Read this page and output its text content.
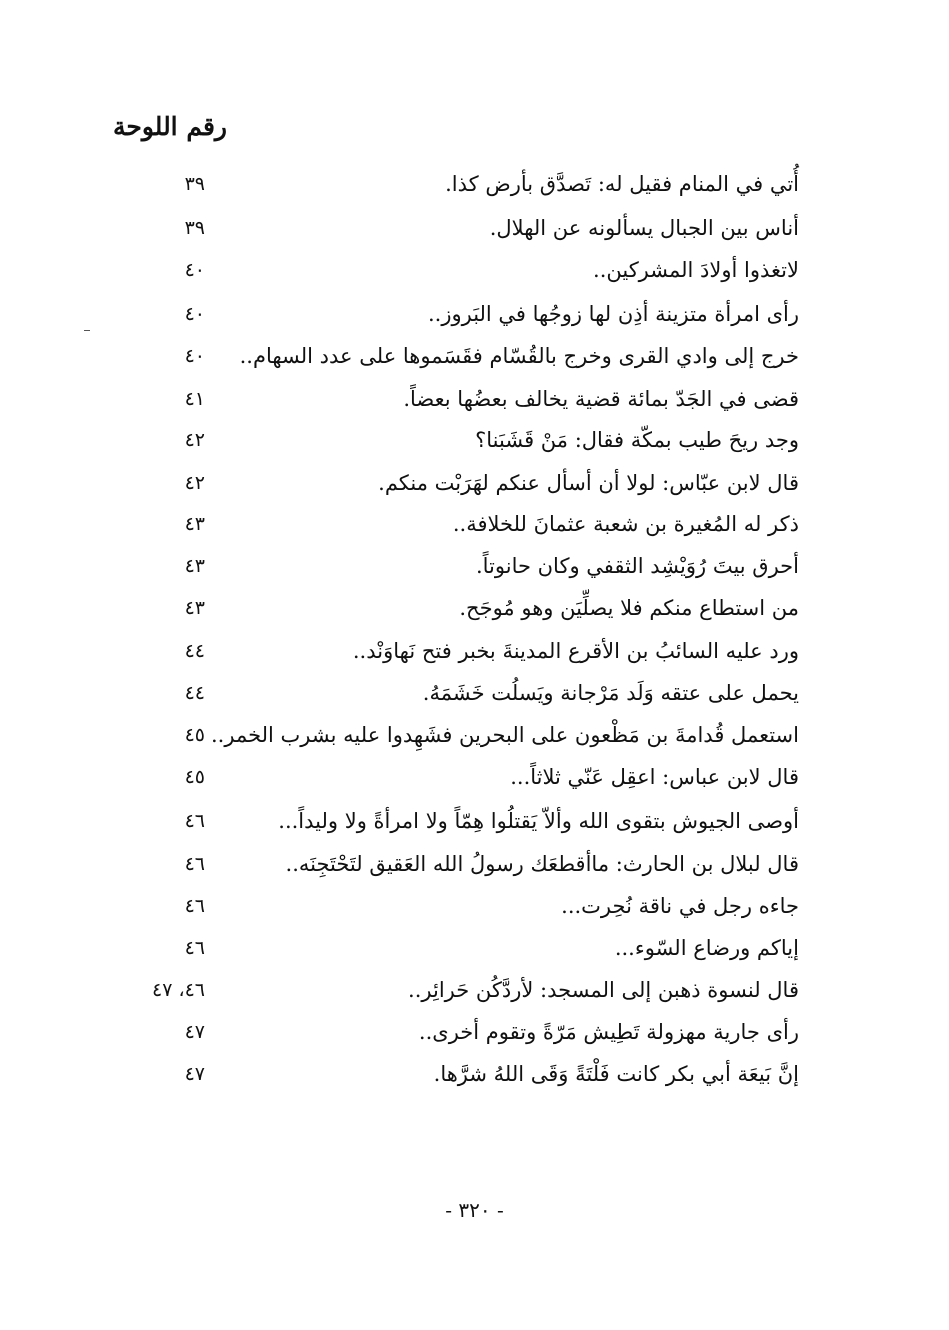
رقم اللوحة
أُتي في المنام فقيل له: تَصدَّق بأرض كذا.
٣٩
أناس بين الجبال يسألونه عن الهلال.
٣٩
لاتغذوا أولادَ المشركين..
٤٠
رأى امرأة متزينة أذِن لها زوجُها في البَروز..
٤٠
خرج إلى وادي القرى وخرج بالقُسّام فقَسَموها على عدد السهام..
٤٠
قضى في الجَدّ بمائة قضية يخالف بعضُها بعضاً.
٤١
وجد ريحَ طيب بمكّة فقال: مَنْ قَشَبَنا؟
٤٢
قال لابن عبّاس: لولا أن أسأل عنكم لهَرَبْت منكم.
٤٢
ذكر له المُغيرة بن شعبة عثمانَ للخلافة..
٤٣
أحرق بيتَ رُوَيْشِد الثقفي وكان حانوتاً.
٤٣
من استطاع منكم فلا يصلِّيَن وهو مُوجَح.
٤٣
ورد عليه السائبُ بن الأقرع المدينةَ بخبر فتح نَهاوَنْد..
٤٤
يحمل على عتقه وَلَد مَرْجانة ويَسلُت خَشَمَهُ.
٤٤
استعمل قُدامةَ بن مَظْعون على البحرين فشَهِدوا عليه بشرب الخمر..
٤٥
قال لابن عباس: اعقِل عَنّي ثلاثاً...
٤٥
أوصى الجيوش بتقوى الله وألاّ يَقتلُوا هِمّاً ولا امرأةً ولا وليداً...
٤٦
قال لبلال بن الحارث: ماأقطعَك رسولُ الله العَقيق لتَحْتَجِنَه..
٤٦
جاءه رجل في ناقة نُحِرت...
٤٦
إياكم ورضاع السّوء...
٤٦
قال لنسوة ذهبن إلى المسجد: لأردَّكُن حَرائِر..
٤٦، ٤٧
رأى جارية مهزولة تَطِيش مَرّةً وتقوم أخرى..
٤٧
إنَّ بَيعَة أبي بكر كانت فَلْتَةً وَقَى اللهُ شرَّها.
٤٧
- ٣٢٠ -
